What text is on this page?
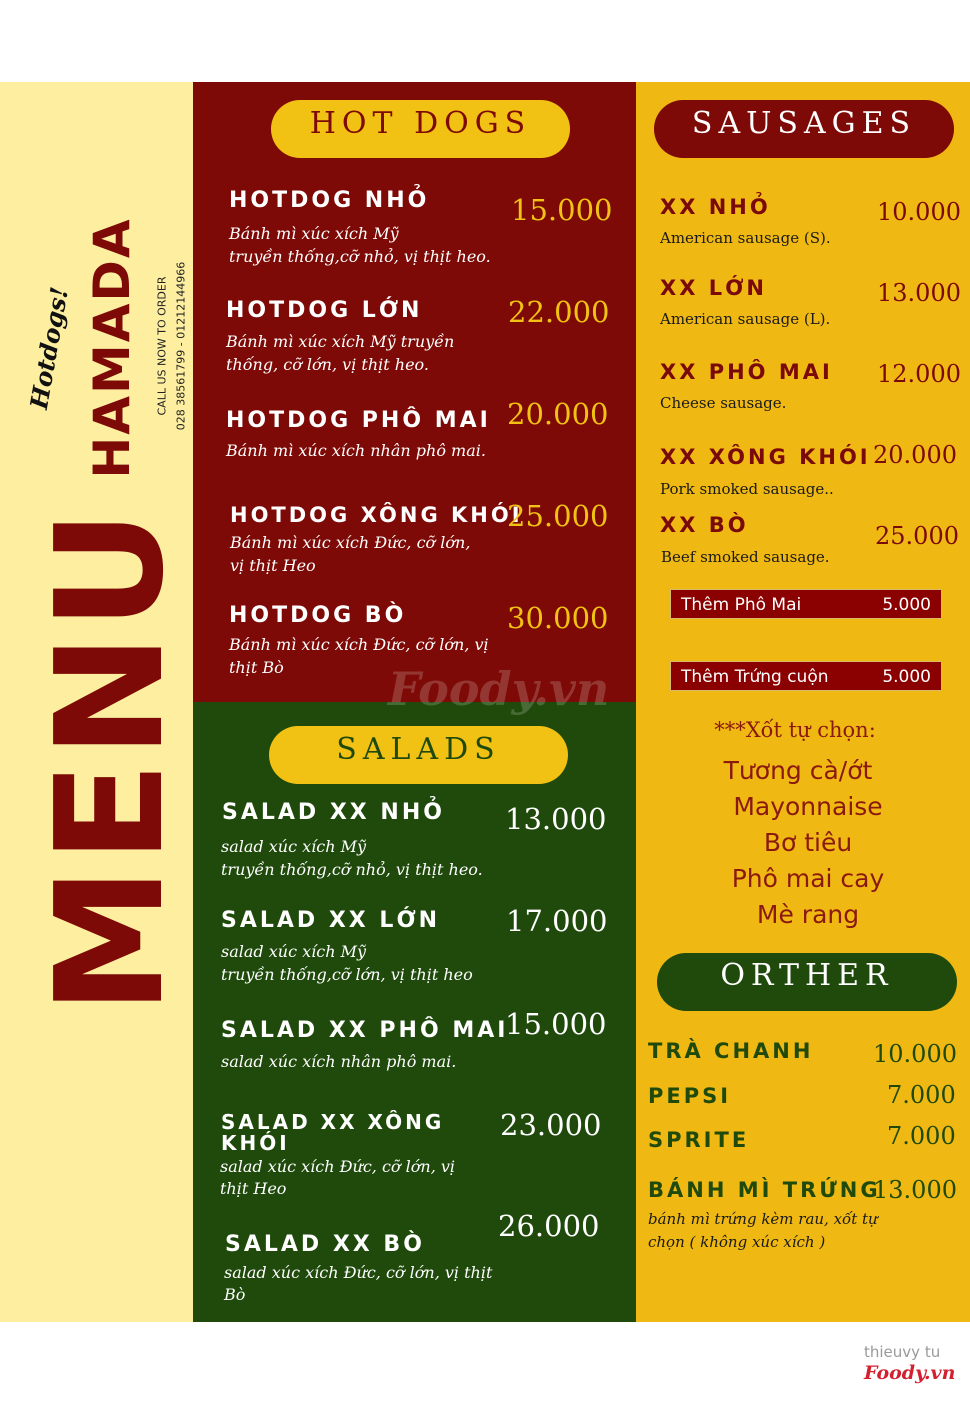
MENU
HAMADA
Hotdogs!	CALL US NOW TO ORDER 028 38561799 - 01212144966
HOT DOGS
HOTDOG NHỎ
Bánh mì xúc xích Mỹ
truyền thống,cỡ nhỏ, vị thịt heo.
15.000
HOTDOG LỚN
Bánh mì xúc xích Mỹ truyền
thống, cỡ lớn, vị thịt heo.
22.000
HOTDOG PHÔ MAI
Bánh mì xúc xích nhân phô mai.
20.000
HOTDOG XÔNG KHÓI
Bánh mì xúc xích Đức, cỡ lớn,
vị thịt Heo
25.000
HOTDOG BÒ
Bánh mì xúc xích Đức, cỡ lớn, vị
thịt Bò
30.000
Foody.vn
SALADS
SALAD XX NHỎ
salad xúc xích Mỹ
truyền thống,cỡ nhỏ, vị thịt heo.
13.000
SALAD XX LỚN
salad xúc xích Mỹ
truyền thống,cỡ lớn, vị thịt heo
17.000
SALAD XX PHÔ MAI
salad xúc xích nhân phô mai.
15.000
SALAD XX XÔNG
KHÓI
salad xúc xích Đức, cỡ lớn, vị
thịt Heo
23.000
SALAD XX BÒ
salad xúc xích Đức, cỡ lớn, vị thịt
Bò
26.000
SAUSAGES
XX NHỎ
American sausage (S).
10.000
XX LỚN
American sausage (L).
13.000
XX PHÔ MAI
Cheese sausage.
12.000
XX XÔNG KHÓI
Pork smoked sausage..
20.000
XX BÒ
Beef smoked sausage.
25.000
Thêm Phô Mai	5.000
Thêm Trứng cuộn	5.000
***Xốt tự chọn:
Tương cà/ớt
Mayonnaise
Bơ tiêu
Phô mai cay
Mè rang
ORTHER
TRÀ CHANH 10.000
PEPSI	7.000
SPRITE	7.000
BÁNH MÌ TRỨNG
13.000
bánh mì trứng kèm rau, xốt tự
chọn ( không xúc xích )
thieuvy tu
Foody.vn
